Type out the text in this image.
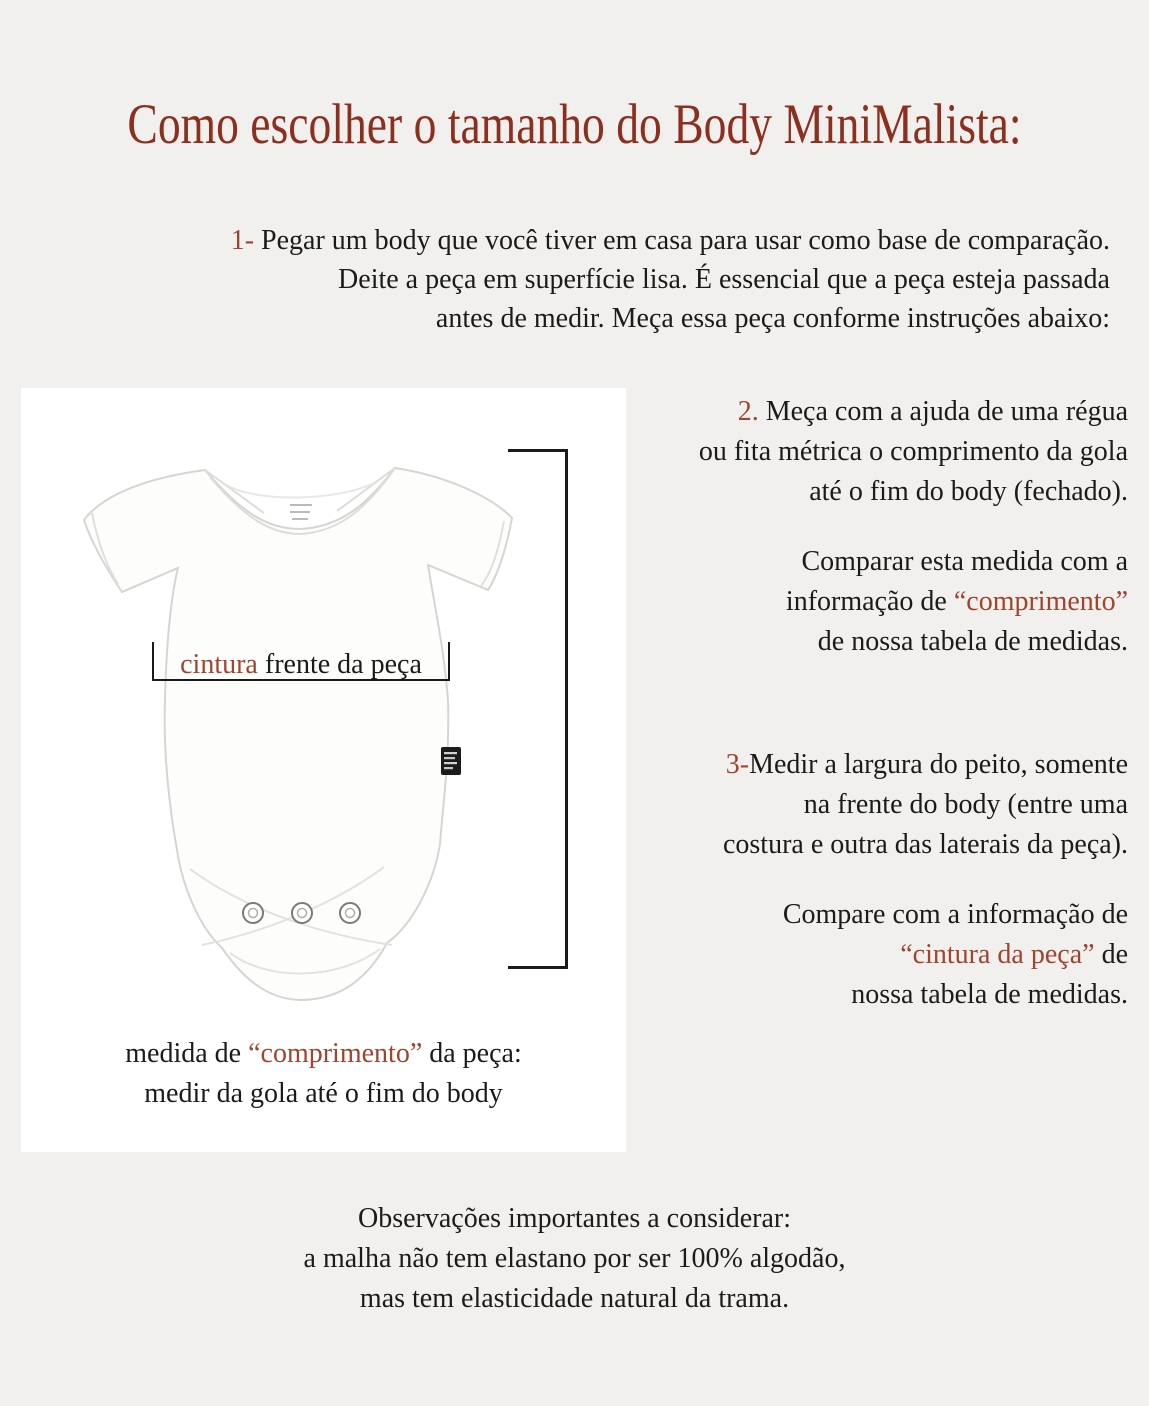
Como escolher o tamanho do Body MiniMalista:
1- Pegar um body que você tiver em casa para usar como base de comparação.
Deite a peça em superfície lisa. É essencial que a peça esteja passada
antes de medir. Meça essa peça conforme instruções abaixo:
cintura frente da peça
2. Meça com a ajuda de uma régua
ou fita métrica o comprimento da gola
até o fim do body (fechado).
Comparar esta medida com a
informação de “comprimento”
de nossa tabela de medidas.
3-Medir a largura do peito, somente
na frente do body (entre uma
costura e outra das laterais da peça).
Compare com a informação de
“cintura da peça” de
nossa tabela de medidas.
medida de “comprimento” da peça:
medir da gola até o fim do body
Observações importantes a considerar:
a malha não tem elastano por ser 100% algodão,
mas tem elasticidade natural da trama.
